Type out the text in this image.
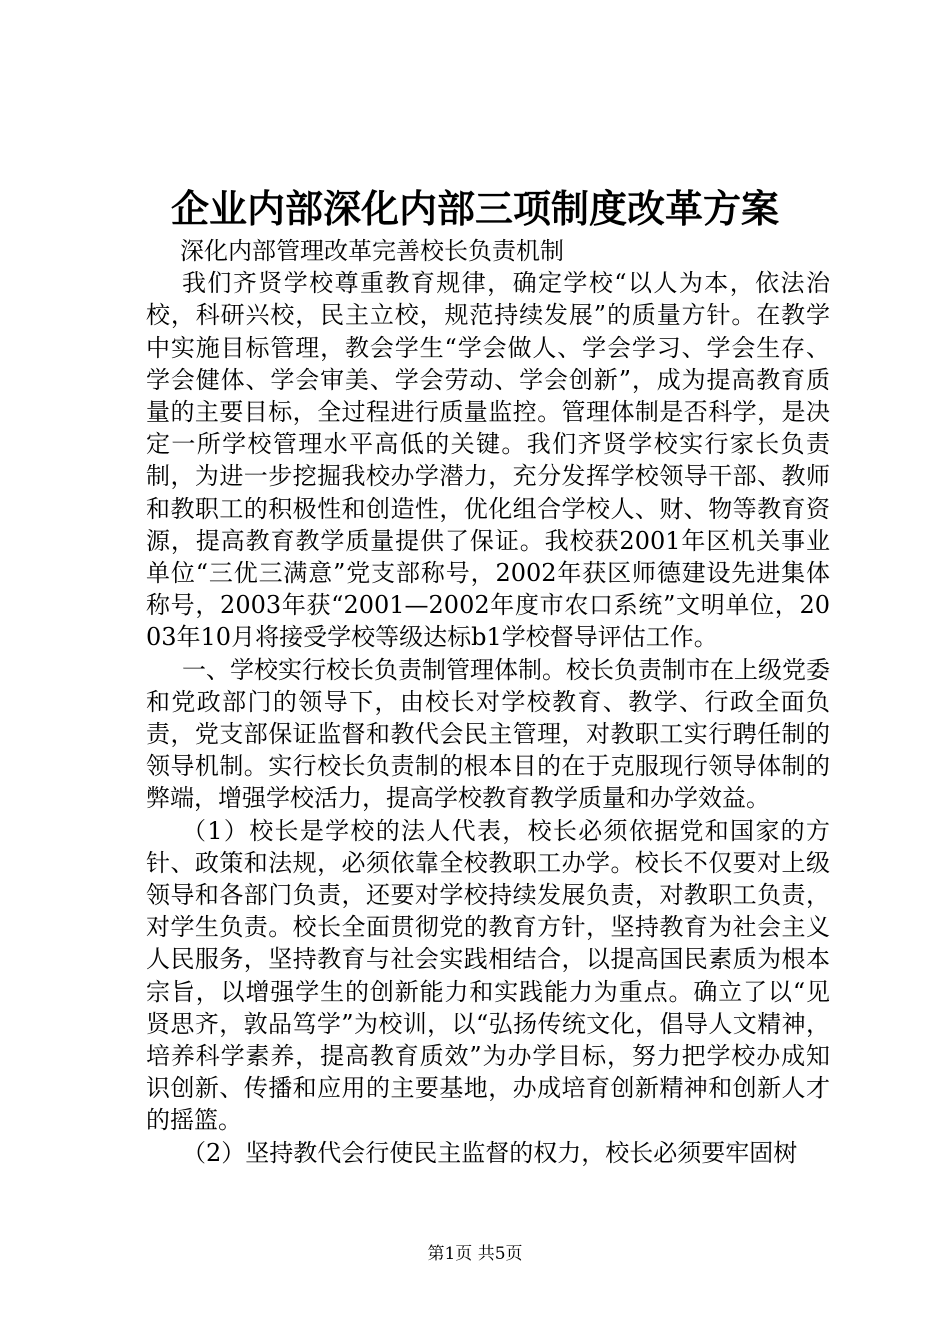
企业内部深化内部三项制度改革方案

深化内部管理改革完善校长负责机制

我们齐贤学校尊重教育规律，确定学校“以人为本，依法治校，科研兴校，民主立校，规范持续发展”的质量方针。在教学中实施目标管理，教会学生“学会做人、学会学习、学会生存、学会健体、学会审美、学会劳动、学会创新”，成为提高教育质量的主要目标，全过程进行质量监控。管理体制是否科学，是决定一所学校管理水平高低的关键。我们齐贤学校实行家长负责制，为进一步挖掘我校办学潜力，充分发挥学校领导干部、教师和教职工的积极性和创造性，优化组合学校人、财、物等教育资源，提高教育教学质量提供了保证。我校获2001年区机关事业单位“三优三满意”党支部称号，2002年获区师德建设先进集体称号，2003年获“2001—2002年度市农口系统”文明单位，2003年10月将接受学校等级达标b1学校督导评估工作。

一、学校实行校长负责制管理体制。校长负责制市在上级党委和党政部门的领导下，由校长对学校教育、教学、行政全面负责，党支部保证监督和教代会民主管理，对教职工实行聘任制的领导机制。实行校长负责制的根本目的在于克服现行领导体制的弊端，增强学校活力，提高学校教育教学质量和办学效益。

（1）校长是学校的法人代表，校长必须依据党和国家的方针、政策和法规，必须依靠全校教职工办学。校长不仅要对上级领导和各部门负责，还要对学校持续发展负责，对教职工负责，对学生负责。校长全面贯彻党的教育方针，坚持教育为社会主义人民服务，坚持教育与社会实践相结合，以提高国民素质为根本宗旨，以增强学生的创新能力和实践能力为重点。确立了以“见贤思齐，敦品笃学”为校训，以“弘扬传统文化，倡导人文精神，培养科学素养，提高教育质效”为办学目标，努力把学校办成知识创新、传播和应用的主要基地，办成培育创新精神和创新人才的摇篮。

（2）坚持教代会行使民主监督的权力，校长必须要牢固树

第1页 共5页
